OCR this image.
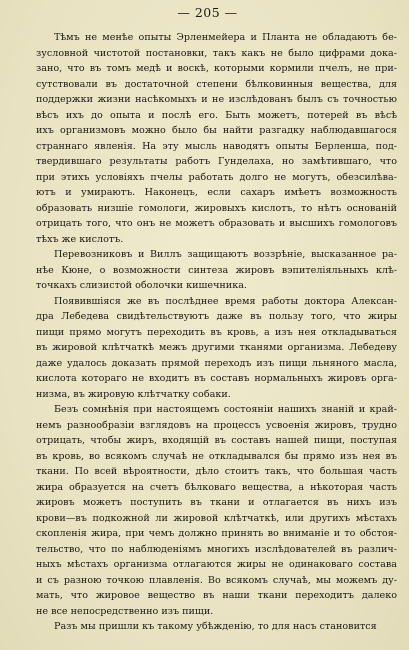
— 205 —
Тѣмъ не менѣе опыты Эрленмейера и Планта не обладаютъ бе-
зусловной чистотой постановки, такъ какъ не было цифрами дока-
зано, что въ томъ медѣ и воскѣ, которыми кормили пчелъ, не при-
сутствовали въ достаточной степени бѣлковинныя вещества, для
поддержки жизни насѣкомыхъ и не изслѣдованъ былъ съ точностью
вѣсъ ихъ до опыта и послѣ его. Быть можетъ, потерей въ вѣсѣ
ихъ организмовъ можно было бы найти разгадку наблюдавшагося
страннаго явленія. На эту мысль наводятъ опыты Берленша, под-
твердившаго результаты работъ Гунделаха, но замѣтившаго, что
при этихъ условіяхъ пчелы работать долго не могутъ, обезсилѣва-
ютъ и умираютъ. Наконецъ, если сахаръ имѣетъ возможность
образовать низшіе гомологи, жировыхъ кислотъ, то нѣтъ основаній
отрицать того, что онъ не можетъ образовать и высшихъ гомологовъ
тѣхъ же кислотъ.
Перевозниковъ и Виллъ защищаютъ воззрѣніе, высказанное ра-
нѣе Кюне, о возможности синтеза жировъ вэпителіяльныхъ клѣ-
точкахъ слизистой оболочки кишечника.
Появившіяся же въ послѣднее время работы доктора Алексан-
дра Лебедева свидѣтельствуютъ даже въ пользу того, что жиры
пищи прямо могутъ переходить въ кровь, а изъ нея откладываться
въ жировой клѣтчаткѣ межъ другими тканями организма. Лебедеву
даже удалось доказать прямой переходъ изъ пищи льняного масла,
кислота котораго не входитъ въ составъ нормальныхъ жировъ орга-
низма, въ жировую клѣтчатку собаки.
Безъ сомнѣнія при настоящемъ состояніи нашихъ знаній и край-
немъ разнообразіи взглядовъ на процессъ усвоенія жировъ, трудно
отрицать, чтобы жиръ, входящій въ составъ нашей пищи, поступая
въ кровь, во всякомъ случаѣ не откладывался бы прямо изъ нея въ
ткани. По всей вѣроятности, дѣло стоитъ такъ, что большая часть
жира образуется на счетъ бѣлковаго вещества, а нѣкоторая часть
жировъ можетъ поступить въ ткани и отлагается въ нихъ изъ
крови—въ подкожной ли жировой клѣтчаткѣ, или другихъ мѣстахъ
скопленія жира, при чемъ должно принять во вниманіе и то обстоя-
тельство, что по наблюденіямъ многихъ изслѣдователей въ различ-
ныхъ мѣстахъ организма отлагаются жиры не одинаковаго состава
и съ разною точкою плавленія. Во всякомъ случаѣ, мы можемъ ду-
мать, что жировое вещество въ наши ткани переходитъ далеко
не все непосредственно изъ пищи.
Разъ мы пришли къ такому убѣжденію, то для насъ становится
